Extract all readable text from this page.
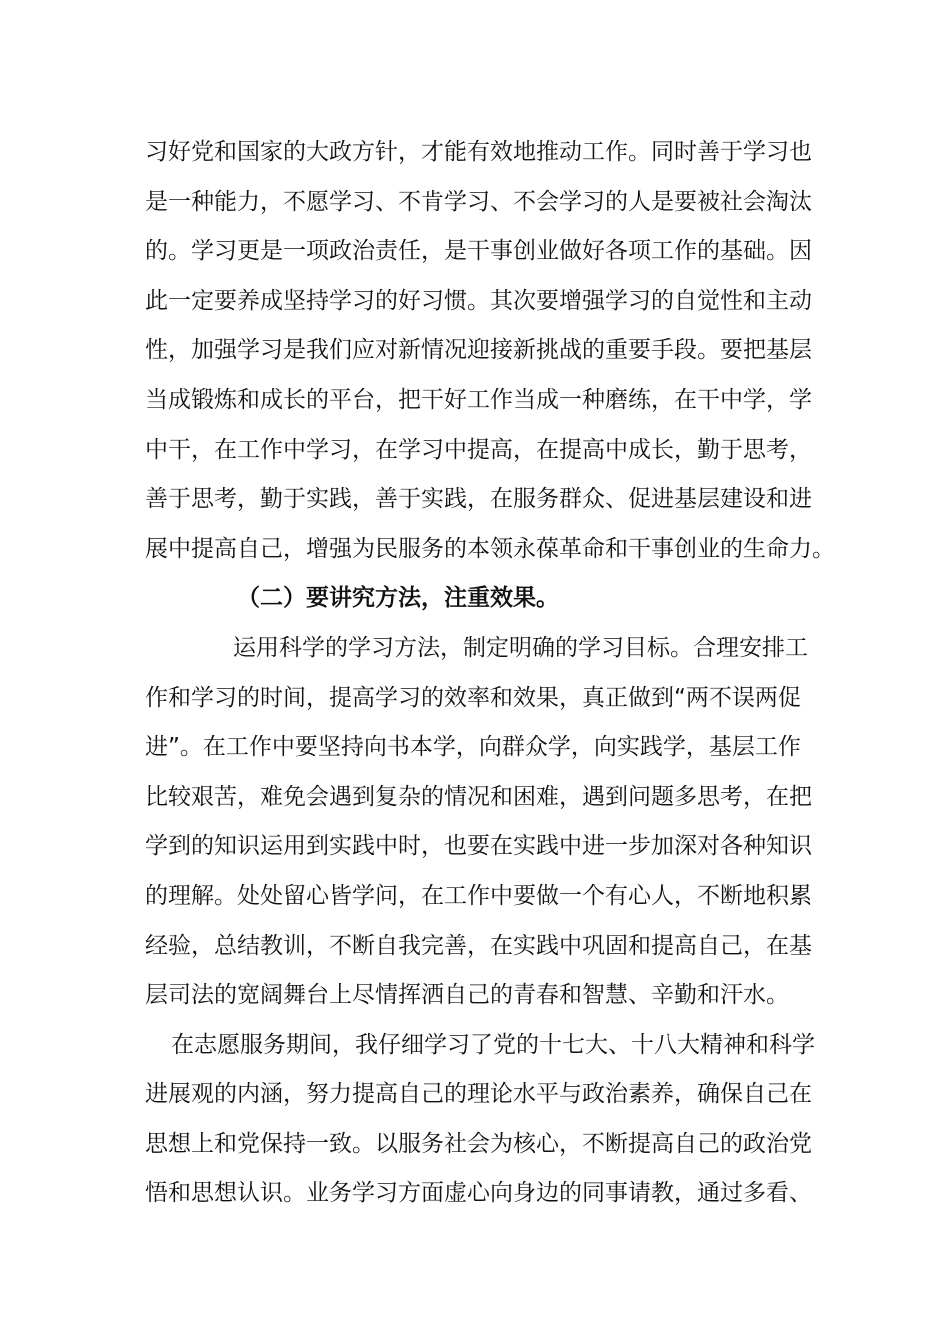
习好党和国家的大政方针，才能有效地推动工作。同时善于学习也
是一种能力，不愿学习、不肯学习、不会学习的人是要被社会淘汰
的。学习更是一项政治责任，是干事创业做好各项工作的基础。因
此一定要养成坚持学习的好习惯。其次要增强学习的自觉性和主动
性，加强学习是我们应对新情况迎接新挑战的重要手段。要把基层
当成锻炼和成长的平台，把干好工作当成一种磨练，在干中学，学
中干，在工作中学习，在学习中提高，在提高中成长，勤于思考，
善于思考，勤于实践，善于实践，在服务群众、促进基层建设和进
展中提高自己，增强为民服务的本领永葆革命和干事创业的生命力。
（二）要讲究方法，注重效果。
运用科学的学习方法，制定明确的学习目标。合理安排工
作和学习的时间，提高学习的效率和效果，真正做到“两不误两促
进”。在工作中要坚持向书本学，向群众学，向实践学，基层工作
比较艰苦，难免会遇到复杂的情况和困难，遇到问题多思考，在把
学到的知识运用到实践中时，也要在实践中进一步加深对各种知识
的理解。处处留心皆学问，在工作中要做一个有心人，不断地积累
经验，总结教训，不断自我完善，在实践中巩固和提高自己，在基
层司法的宽阔舞台上尽情挥洒自己的青春和智慧、辛勤和汗水。
在志愿服务期间，我仔细学习了党的十七大、十八大精神和科学
进展观的内涵，努力提高自己的理论水平与政治素养，确保自己在
思想上和党保持一致。以服务社会为核心，不断提高自己的政治党
悟和思想认识。业务学习方面虚心向身边的同事请教，通过多看、
